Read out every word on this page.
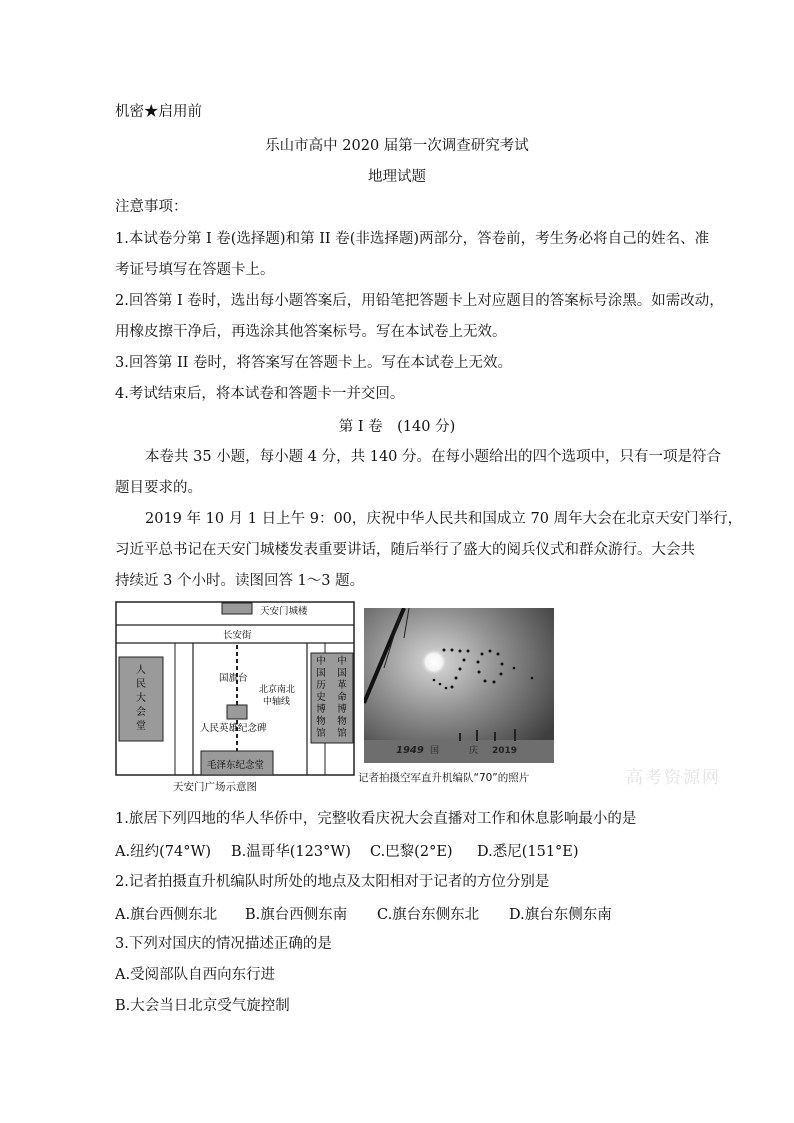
机密★启用前
乐山市高中 2020 届第一次调查研究考试
地理试题
注意事项：
1.本试卷分第 I 卷(选择题)和第 II 卷(非选择题)两部分，答卷前，考生务必将自己的姓名、准
考证号填写在答题卡上。
2.回答第 I 卷时，选出每小题答案后，用铅笔把答题卡上对应题目的答案标号涂黑。如需改动，
用橡皮擦干净后，再选涂其他答案标号。写在本试卷上无效。
3.回答第 II 卷时，将答案写在答题卡上。写在本试卷上无效。
4.考试结束后，将本试卷和答题卡一并交回。
第 I 卷　(140 分)
本卷共 35 小题，每小题 4 分，共 140 分。在每小题给出的四个选项中，只有一项是符合
题目要求的。
2019 年 10 月 1 日上午 9：00，庆祝中华人民共和国成立 70 周年大会在北京天安门举行，
习近平总书记在天安门城楼发表重要讲话，随后举行了盛大的阅兵仪式和群众游行。大会共
持续近 3 个小时。读图回答 1～3 题。
天安门城楼
长安街
人
民
大
会
堂
中
国
历
史
博
物
馆
中
国
革
命
博
物
馆
国旗台
北京南北
中轴线
人民英雄纪念碑
毛泽东纪念堂
天安门广场示意图
1949 国	庆 2019
记者拍摄空军直升机编队“70”的照片	高考资源网
1.旅居下列四地的华人华侨中，完整收看庆祝大会直播对工作和休息影响最小的是
A.纽约(74°W) B.温哥华(123°W) C.巴黎(2°E) D.悉尼(151°E)
2.记者拍摄直升机编队时所处的地点及太阳相对于记者的方位分别是
A.旗台西侧东北 B.旗台西侧东南 C.旗台东侧东北 D.旗台东侧东南
3.下列对国庆的情况描述正确的是
A.受阅部队自西向东行进
B.大会当日北京受气旋控制
